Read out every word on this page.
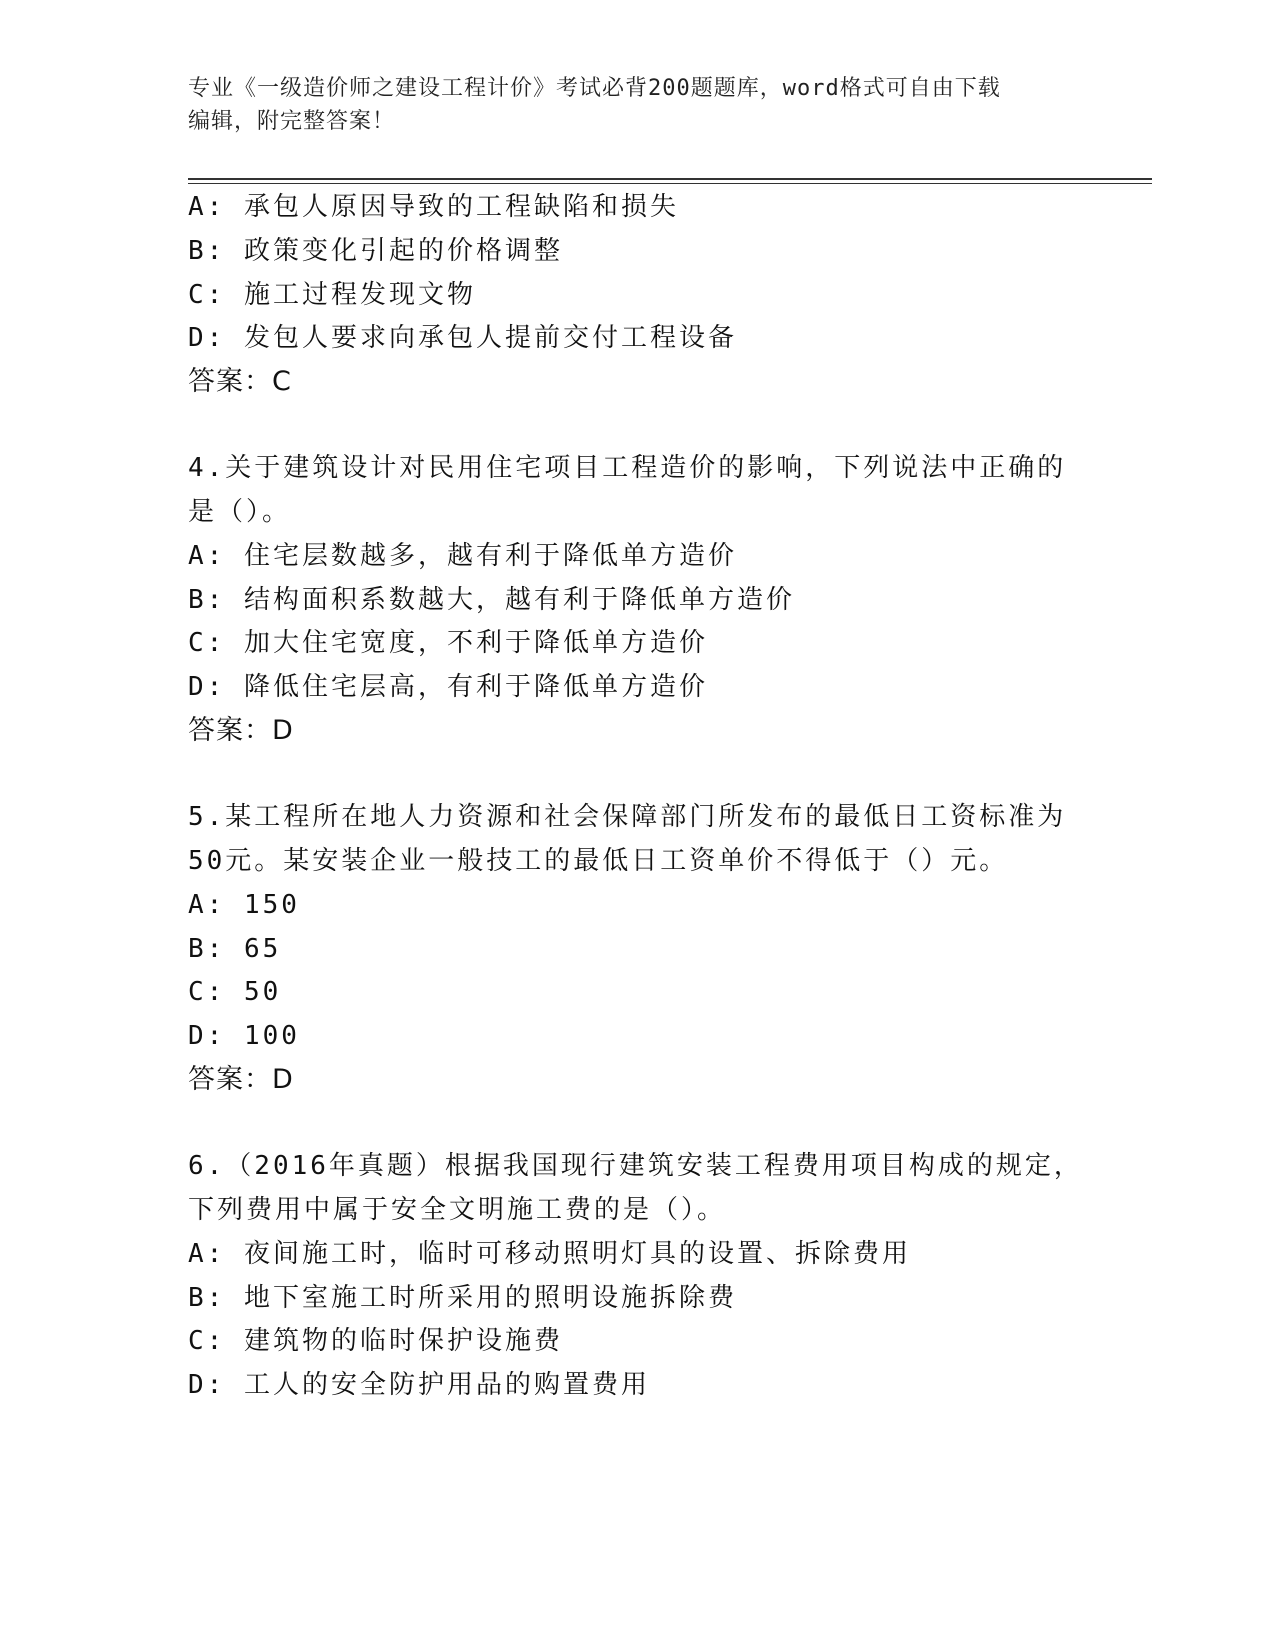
专业《一级造价师之建设工程计价》考试必背200题题库，word格式可自由下载
编辑，附完整答案！
A: 承包人原因导致的工程缺陷和损失
B: 政策变化引起的价格调整
C: 施工过程发现文物
D: 发包人要求向承包人提前交付工程设备
答案：C
4.关于建筑设计对民用住宅项目工程造价的影响，下列说法中正确的
是（）。
A: 住宅层数越多，越有利于降低单方造价
B: 结构面积系数越大，越有利于降低单方造价
C: 加大住宅宽度，不利于降低单方造价
D: 降低住宅层高，有利于降低单方造价
答案：D
5.某工程所在地人力资源和社会保障部门所发布的最低日工资标准为
50元。某安装企业一般技工的最低日工资单价不得低于（）元。
A: 150
B: 65
C: 50
D: 100
答案：D
6.（2016年真题）根据我国现行建筑安装工程费用项目构成的规定，
下列费用中属于安全文明施工费的是（）。
A: 夜间施工时，临时可移动照明灯具的设置、拆除费用
B: 地下室施工时所采用的照明设施拆除费
C: 建筑物的临时保护设施费
D: 工人的安全防护用品的购置费用
